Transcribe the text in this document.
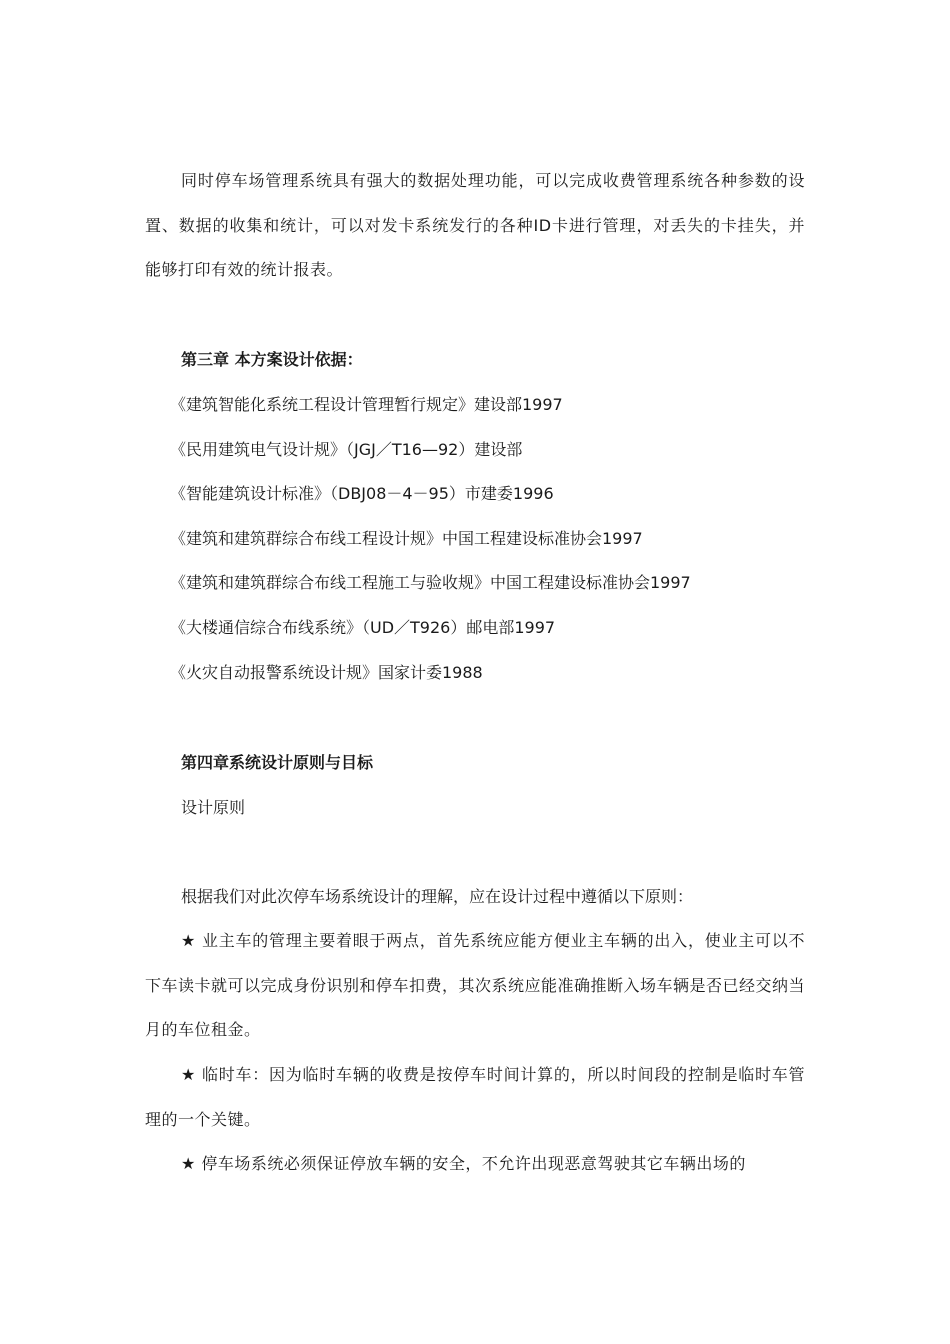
同时停车场管理系统具有强大的数据处理功能，可以完成收费管理系统各种参数的设置、数据的收集和统计，可以对发卡系统发行的各种ID卡进行管理，对丢失的卡挂失，并能够打印有效的统计报表。

第三章 本方案设计依据：

《建筑智能化系统工程设计管理暂行规定》建设部1997

《民用建筑电气设计规》（JGJ／T16—92）建设部

《智能建筑设计标准》（DBJ08－4－95）市建委1996

《建筑和建筑群综合布线工程设计规》中国工程建设标准协会1997

《建筑和建筑群综合布线工程施工与验收规》中国工程建设标准协会1997

《大楼通信综合布线系统》（UD／T926）邮电部1997

《火灾自动报警系统设计规》国家计委1988

第四章系统设计原则与目标

设计原则

根据我们对此次停车场系统设计的理解，应在设计过程中遵循以下原则：

★ 业主车的管理主要着眼于两点，首先系统应能方便业主车辆的出入，使业主可以不下车读卡就可以完成身份识别和停车扣费，其次系统应能准确推断入场车辆是否已经交纳当月的车位租金。

★ 临时车：因为临时车辆的收费是按停车时间计算的，所以时间段的控制是临时车管理的一个关键。

★ 停车场系统必须保证停放车辆的安全，不允许出现恶意驾驶其它车辆出场的
